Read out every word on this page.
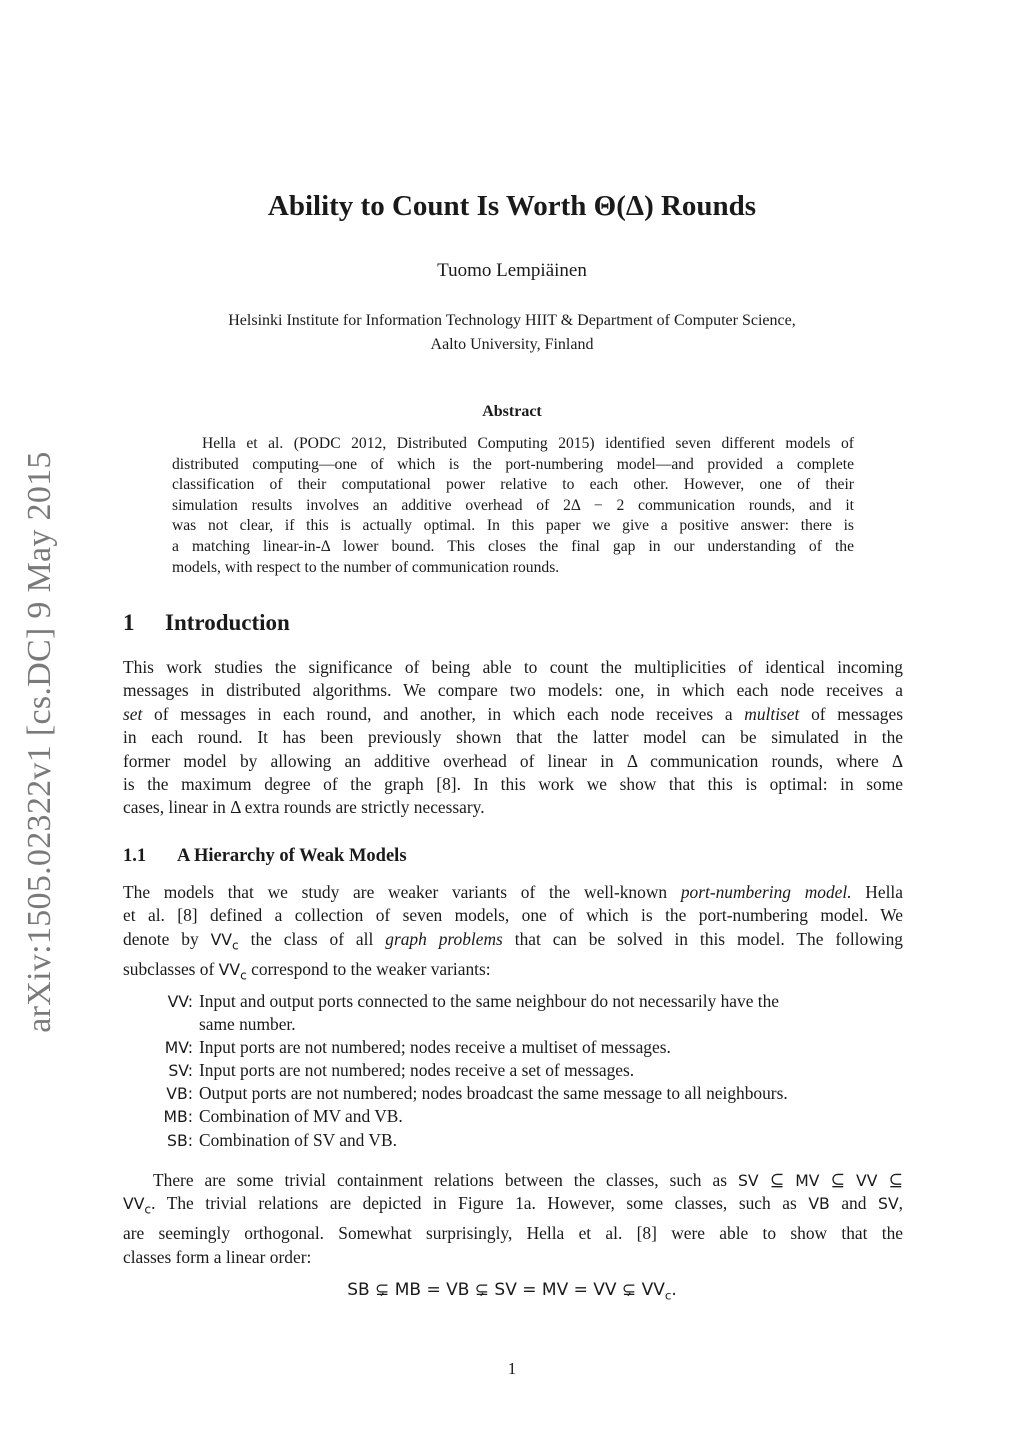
arXiv:1505.02322v1 [cs.DC] 9 May 2015
Ability to Count Is Worth Θ(Δ) Rounds
Tuomo Lempiäinen
Helsinki Institute for Information Technology HIIT & Department of Computer Science,
Aalto University, Finland
Abstract
Hella et al. (PODC 2012, Distributed Computing 2015) identified seven different models of
distributed computing—one of which is the port-numbering model—and provided a complete
classification of their computational power relative to each other. However, one of their
simulation results involves an additive overhead of 2Δ − 2 communication rounds, and it
was not clear, if this is actually optimal. In this paper we give a positive answer: there is
a matching linear-in-Δ lower bound. This closes the final gap in our understanding of the
models, with respect to the number of communication rounds.
1 Introduction
This work studies the significance of being able to count the multiplicities of identical incoming
messages in distributed algorithms. We compare two models: one, in which each node receives a
set of messages in each round, and another, in which each node receives a multiset of messages
in each round. It has been previously shown that the latter model can be simulated in the
former model by allowing an additive overhead of linear in Δ communication rounds, where Δ
is the maximum degree of the graph [8]. In this work we show that this is optimal: in some
cases, linear in Δ extra rounds are strictly necessary.
1.1 A Hierarchy of Weak Models
The models that we study are weaker variants of the well-known port-numbering model. Hella
et al. [8] defined a collection of seven models, one of which is the port-numbering model. We
denote by $VV_c$ the class of all graph problems that can be solved in this model. The following
subclasses of $VV_c$ correspond to the weaker variants:
VV: Input and output ports connected to the same neighbour do not necessarily have the
same number.
MV: Input ports are not numbered; nodes receive a multiset of messages.
SV: Input ports are not numbered; nodes receive a set of messages.
VB: Output ports are not numbered; nodes broadcast the same message to all neighbours.
MB: Combination of MV and VB.
SB: Combination of SV and VB.
There are some trivial containment relations between the classes, such as SV ⊆ MV ⊆ VV ⊆
$VV_c$. The trivial relations are depicted in Figure 1a. However, some classes, such as VB and SV,
are seemingly orthogonal. Somewhat surprisingly, Hella et al. [8] were able to show that the
classes form a linear order:
SB ⊊ MB = VB ⊊ SV = MV = VV ⊊ $VV_c$.
1
